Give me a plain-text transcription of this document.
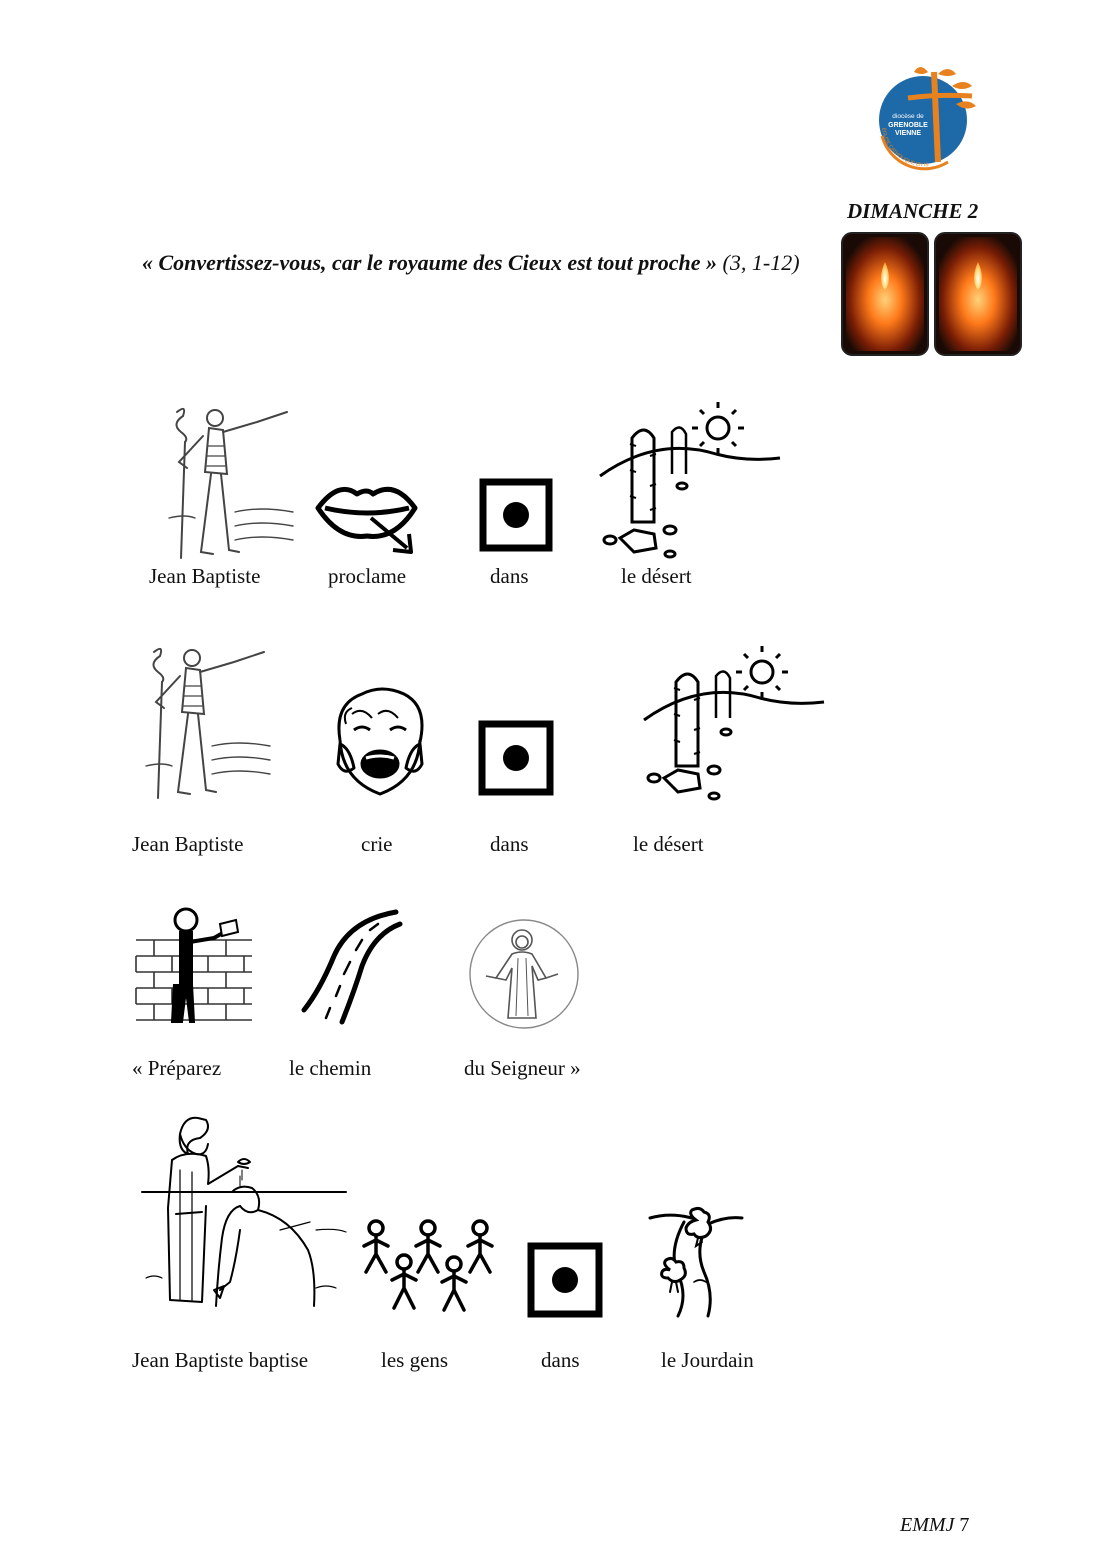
diocèse de
GRENOBLE
VIENNE
ÉGLISE CATHOLIQUE EN ISÈRE
DIMANCHE 2
« Convertissez-vous, car le royaume des Cieux est tout proche » (3, 1-12)
Jean Baptiste	proclame	dans	le désert
Jean Baptiste	crie	dans	le désert
« Préparez	le chemin	du Seigneur »
Jean Baptiste baptise	les gens	dans	le Jourdain
EMMJ 7
